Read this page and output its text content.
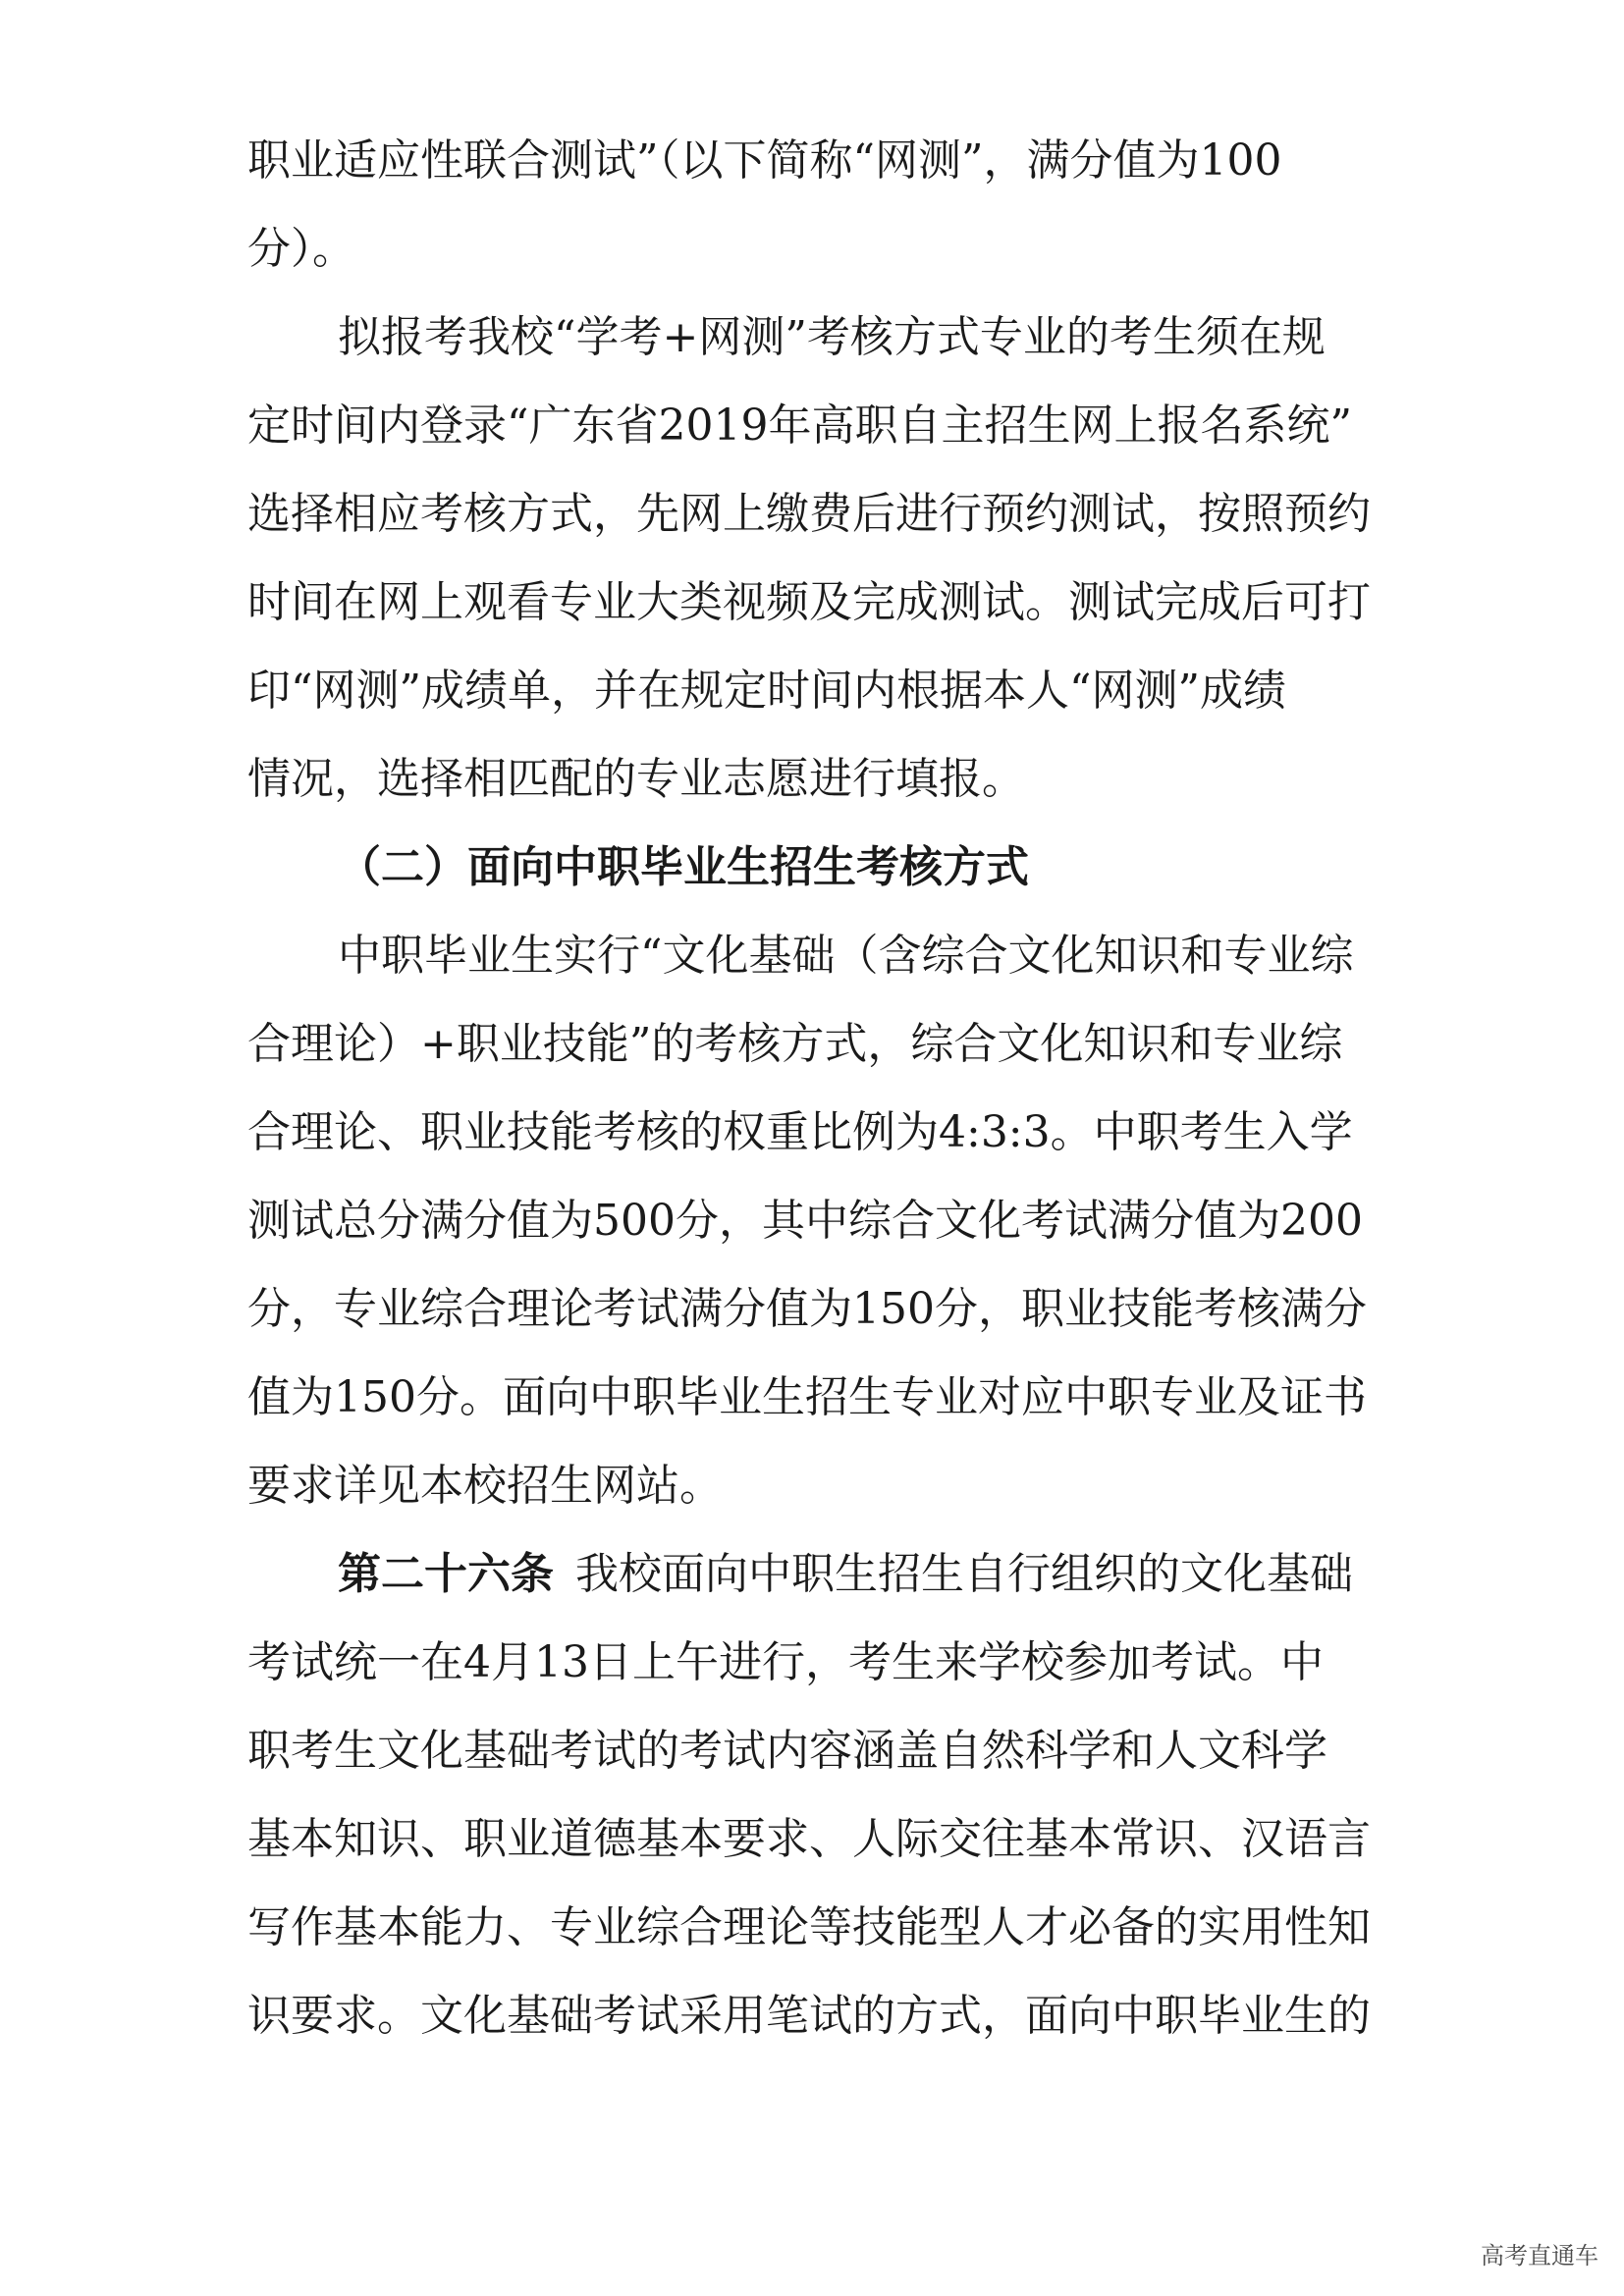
职业适应性联合测试”（以下简称“网测”，满分值为100
分）。
拟报考我校“学考+网测”考核方式专业的考生须在规
定时间内登录“广东省2019年高职自主招生网上报名系统”
选择相应考核方式，先网上缴费后进行预约测试，按照预约
时间在网上观看专业大类视频及完成测试。测试完成后可打
印“网测”成绩单，并在规定时间内根据本人“网测”成绩
情况，选择相匹配的专业志愿进行填报。
（二）面向中职毕业生招生考核方式
中职毕业生实行“文化基础（含综合文化知识和专业综
合理论）+职业技能”的考核方式，综合文化知识和专业综
合理论、职业技能考核的权重比例为4:3:3。中职考生入学
测试总分满分值为500分，其中综合文化考试满分值为200
分，专业综合理论考试满分值为150分，职业技能考核满分
值为150分。面向中职毕业生招生专业对应中职专业及证书
要求详见本校招生网站。
第二十六条 我校面向中职生招生自行组织的文化基础
考试统一在4月13日上午进行，考生来学校参加考试。中
职考生文化基础考试的考试内容涵盖自然科学和人文科学
基本知识、职业道德基本要求、人际交往基本常识、汉语言
写作基本能力、专业综合理论等技能型人才必备的实用性知
识要求。文化基础考试采用笔试的方式，面向中职毕业生的
高考直通车
